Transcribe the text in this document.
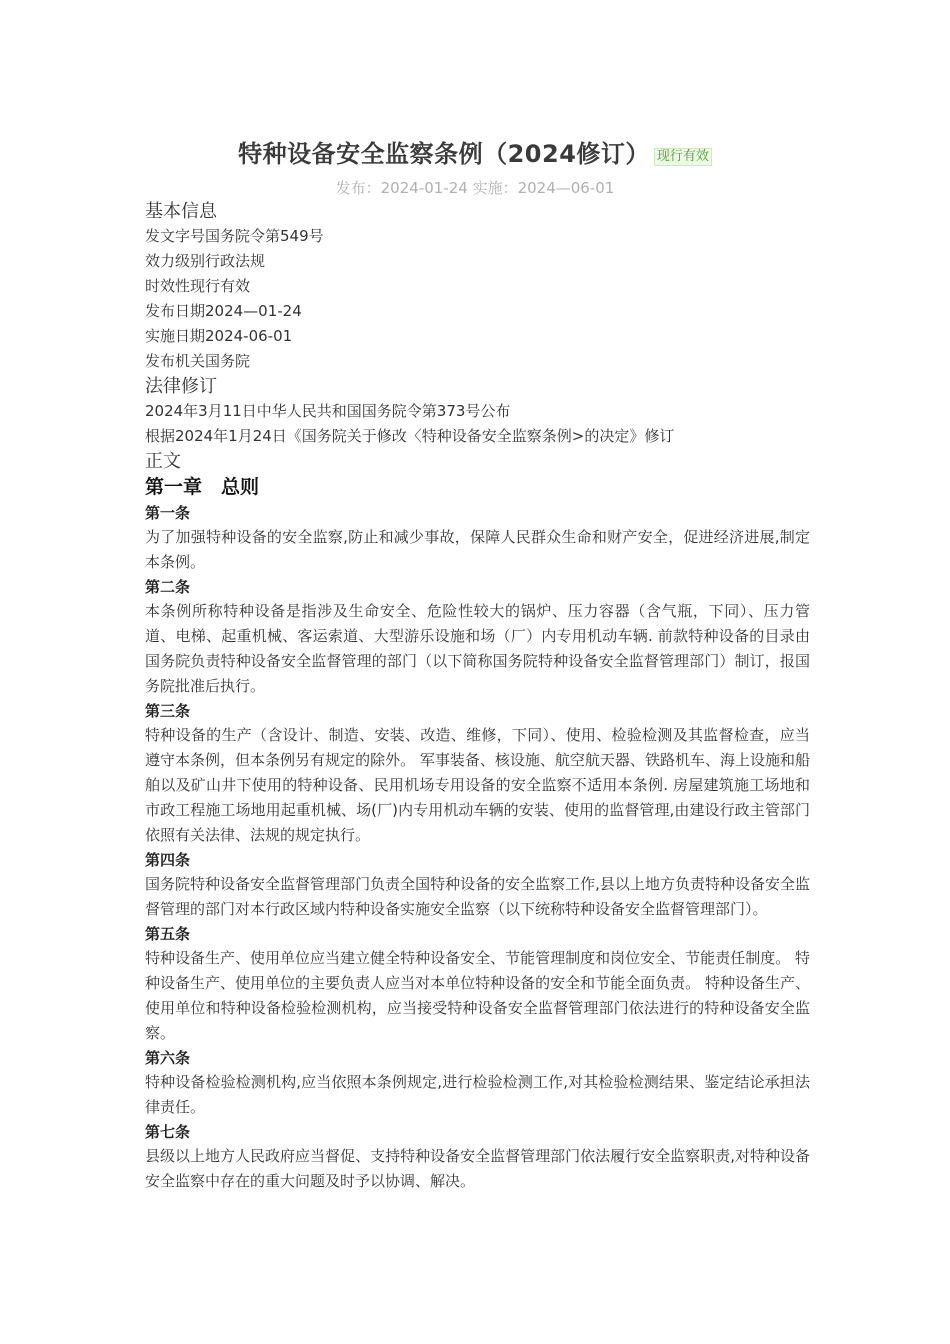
特种设备安全监察条例（2024修订） 现行有效
发布：2024-01-24 实施：2024—06-01
基本信息
发文字号国务院令第549号
效力级别行政法规
时效性现行有效
发布日期2024—01-24
实施日期2024-06-01
发布机关国务院
法律修订
2024年3月11日中华人民共和国国务院令第373号公布
根据2024年1月24日《国务院关于修改〈特种设备安全监察条例>的决定》修订
正文
第一章　总则
第一条
为了加强特种设备的安全监察,防止和减少事故，保障人民群众生命和财产安全，促进经济进展,制定本条例。
第二条
本条例所称特种设备是指涉及生命安全、危险性较大的锅炉、压力容器（含气瓶，下同）、压力管道、电梯、起重机械、客运索道、大型游乐设施和场（厂）内专用机动车辆. 前款特种设备的目录由国务院负责特种设备安全监督管理的部门（以下简称国务院特种设备安全监督管理部门）制订，报国务院批准后执行。
第三条
特种设备的生产（含设计、制造、安装、改造、维修，下同）、使用、检验检测及其监督检查，应当遵守本条例，但本条例另有规定的除外。 军事装备、核设施、航空航天器、铁路机车、海上设施和船舶以及矿山井下使用的特种设备、民用机场专用设备的安全监察不适用本条例. 房屋建筑施工场地和市政工程施工场地用起重机械、场(厂)内专用机动车辆的安装、使用的监督管理,由建设行政主管部门依照有关法律、法规的规定执行。
第四条
国务院特种设备安全监督管理部门负责全国特种设备的安全监察工作,县以上地方负责特种设备安全监督管理的部门对本行政区域内特种设备实施安全监察（以下统称特种设备安全监督管理部门）。
第五条
特种设备生产、使用单位应当建立健全特种设备安全、节能管理制度和岗位安全、节能责任制度。 特种设备生产、使用单位的主要负责人应当对本单位特种设备的安全和节能全面负责。 特种设备生产、使用单位和特种设备检验检测机构，应当接受特种设备安全监督管理部门依法进行的特种设备安全监察。
第六条
特种设备检验检测机构,应当依照本条例规定,进行检验检测工作,对其检验检测结果、鉴定结论承担法律责任。
第七条
县级以上地方人民政府应当督促、支持特种设备安全监督管理部门依法履行安全监察职责,对特种设备安全监察中存在的重大问题及时予以协调、解决。
